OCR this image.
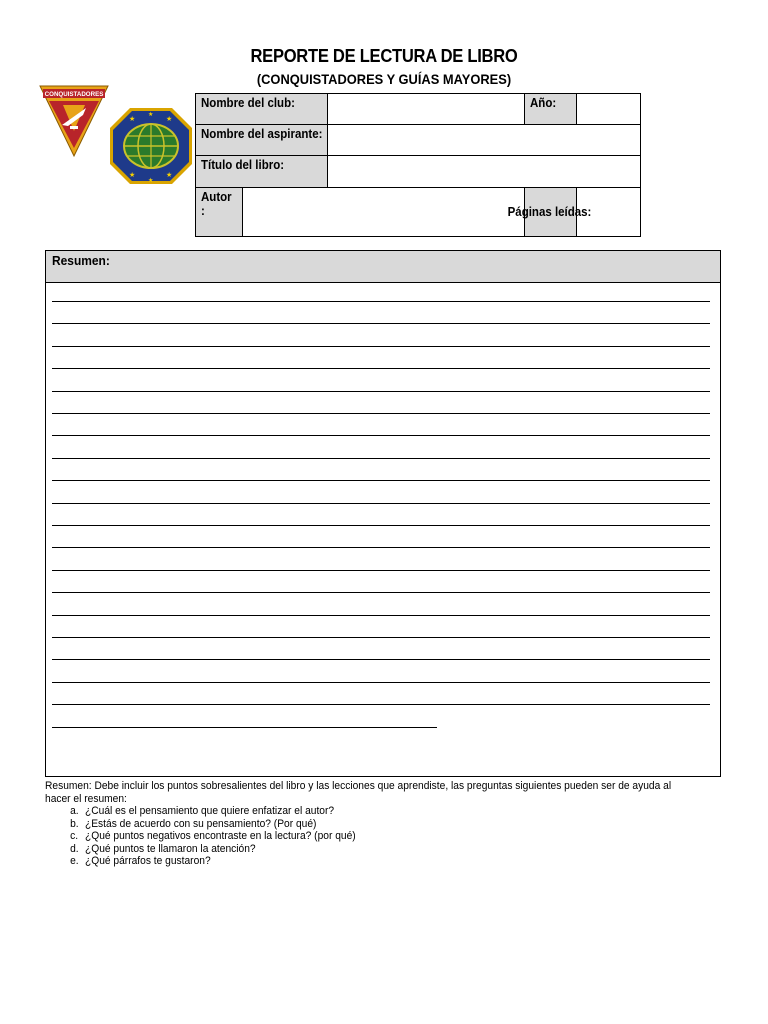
REPORTE DE LECTURA DE LIBRO
(CONQUISTADORES Y GUÍAS MAYORES)
CONQUISTADORES
★	★
★	★
★
★
Nombre del club:			Año:	
Nombre del aspirante:				
Título del libro:				
Autor
:			Páginas leídas:	
Resumen:
Resumen: Debe incluir los puntos sobresalientes del libro y las lecciones que aprendiste, las preguntas siguientes pueden ser de ayuda al hacer el resumen:
a. ¿Cuál es el pensamiento que quiere enfatizar el autor?
b. ¿Estás de acuerdo con su pensamiento? (Por qué)
c. ¿Qué puntos negativos encontraste en la lectura? (por qué)
d. ¿Qué puntos te llamaron la atención?
e. ¿Qué párrafos te gustaron?
